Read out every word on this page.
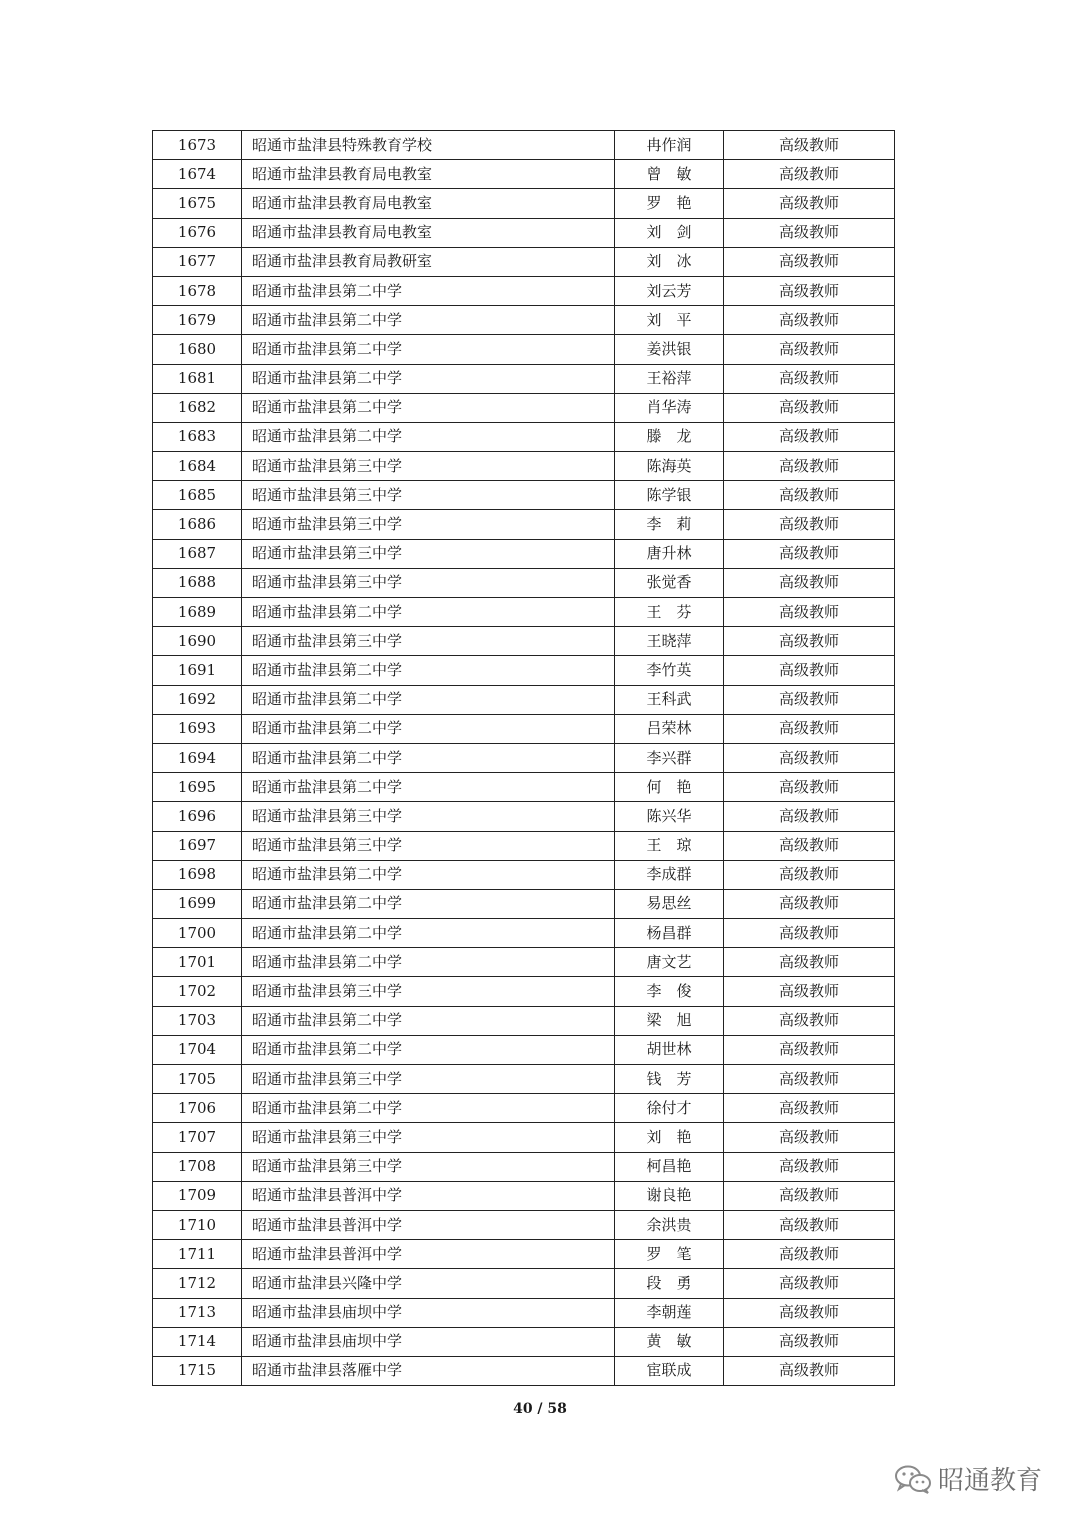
1673	昭通市盐津县特殊教育学校	冉作润	高级教师
1674	昭通市盐津县教育局电教室	曾　敏	高级教师
1675	昭通市盐津县教育局电教室	罗　艳	高级教师
1676	昭通市盐津县教育局电教室	刘　剑	高级教师
1677	昭通市盐津县教育局教研室	刘　冰	高级教师
1678	昭通市盐津县第二中学	刘云芳	高级教师
1679	昭通市盐津县第二中学	刘　平	高级教师
1680	昭通市盐津县第二中学	姜洪银	高级教师
1681	昭通市盐津县第二中学	王裕萍	高级教师
1682	昭通市盐津县第二中学	肖华涛	高级教师
1683	昭通市盐津县第二中学	滕　龙	高级教师
1684	昭通市盐津县第三中学	陈海英	高级教师
1685	昭通市盐津县第三中学	陈学银	高级教师
1686	昭通市盐津县第三中学	李　莉	高级教师
1687	昭通市盐津县第三中学	唐升林	高级教师
1688	昭通市盐津县第三中学	张觉香	高级教师
1689	昭通市盐津县第二中学	王　芬	高级教师
1690	昭通市盐津县第三中学	王晓萍	高级教师
1691	昭通市盐津县第二中学	李竹英	高级教师
1692	昭通市盐津县第二中学	王科武	高级教师
1693	昭通市盐津县第二中学	吕荣林	高级教师
1694	昭通市盐津县第二中学	李兴群	高级教师
1695	昭通市盐津县第二中学	何　艳	高级教师
1696	昭通市盐津县第三中学	陈兴华	高级教师
1697	昭通市盐津县第三中学	王　琼	高级教师
1698	昭通市盐津县第二中学	李成群	高级教师
1699	昭通市盐津县第二中学	易思丝	高级教师
1700	昭通市盐津县第二中学	杨昌群	高级教师
1701	昭通市盐津县第二中学	唐文艺	高级教师
1702	昭通市盐津县第三中学	李　俊	高级教师
1703	昭通市盐津县第二中学	梁　旭	高级教师
1704	昭通市盐津县第二中学	胡世林	高级教师
1705	昭通市盐津县第三中学	钱　芳	高级教师
1706	昭通市盐津县第二中学	徐付才	高级教师
1707	昭通市盐津县第三中学	刘　艳	高级教师
1708	昭通市盐津县第三中学	柯昌艳	高级教师
1709	昭通市盐津县普洱中学	谢良艳	高级教师
1710	昭通市盐津县普洱中学	余洪贵	高级教师
1711	昭通市盐津县普洱中学	罗　笔	高级教师
1712	昭通市盐津县兴隆中学	段　勇	高级教师
1713	昭通市盐津县庙坝中学	李朝莲	高级教师
1714	昭通市盐津县庙坝中学	黄　敏	高级教师
1715	昭通市盐津县落雁中学	宦联成	高级教师
40 / 58
昭通教育
